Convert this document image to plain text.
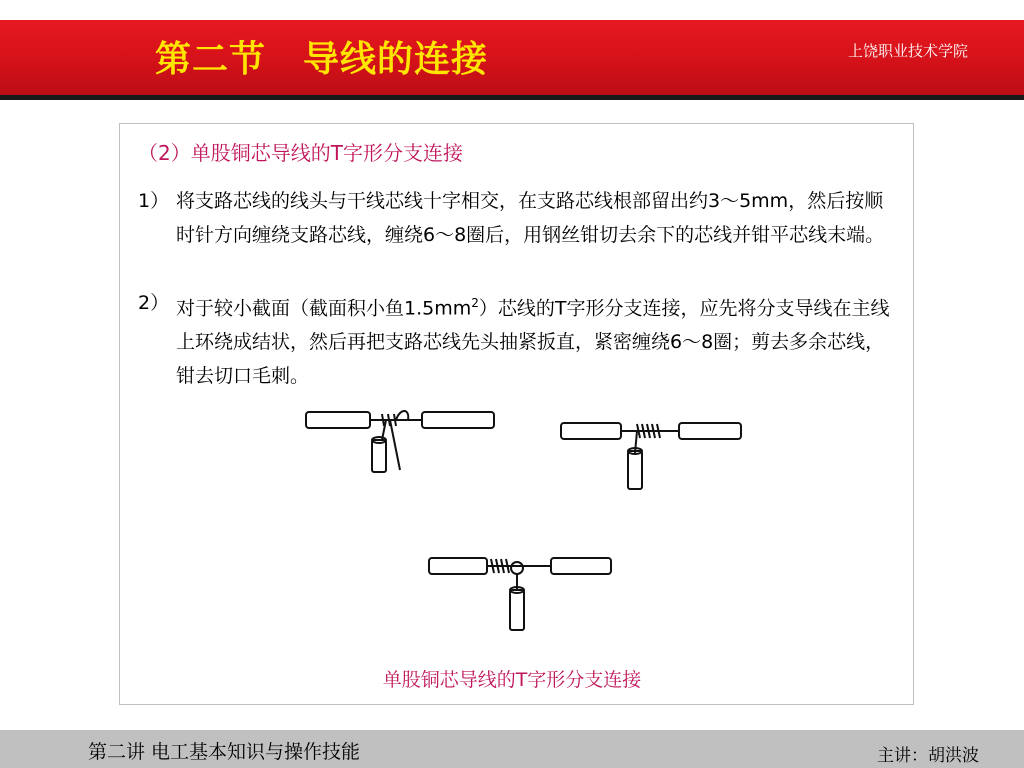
第二节　导线的连接	上饶职业技术学院
（2）单股铜芯导线的T字形分支连接
1） 将支路芯线的线头与干线芯线十字相交，在支路芯线根部留出约3～5mm，然后按顺时针方向缠绕支路芯线，缠绕6～8圈后，用钢丝钳切去余下的芯线并钳平芯线末端。
2） 对于较小截面（截面积小鱼$1.5mm^2$）芯线的T字形分支连接，应先将分支导线在主线上环绕成结状，然后再把支路芯线先头抽紧扳直，紧密缠绕6～8圈；剪去多余芯线，钳去切口毛刺。
单股铜芯导线的T字形分支连接
第二讲 电工基本知识与操作技能	主讲：胡洪波
